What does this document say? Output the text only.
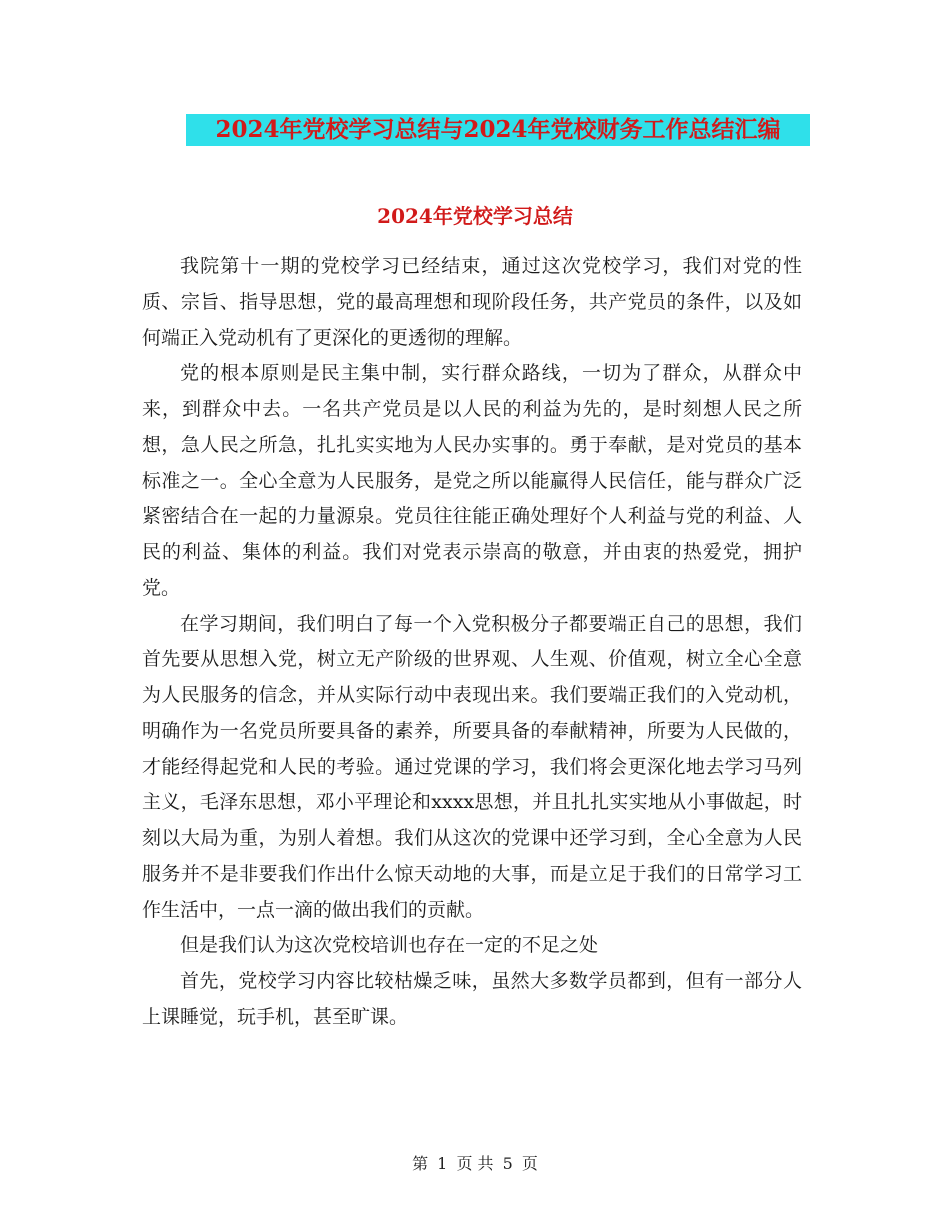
2024年党校学习总结与2024年党校财务工作总结汇编
2024年党校学习总结

我院第十一期的党校学习已经结束，通过这次党校学习，我们对党的性质、宗旨、指导思想，党的最高理想和现阶段任务，共产党员的条件，以及如何端正入党动机有了更深化的更透彻的理解。

党的根本原则是民主集中制，实行群众路线，一切为了群众，从群众中来，到群众中去。一名共产党员是以人民的利益为先的，是时刻想人民之所想，急人民之所急，扎扎实实地为人民办实事的。勇于奉献，是对党员的基本标准之一。全心全意为人民服务，是党之所以能赢得人民信任，能与群众广泛紧密结合在一起的力量源泉。党员往往能正确处理好个人利益与党的利益、人民的利益、集体的利益。我们对党表示崇高的敬意，并由衷的热爱党，拥护党。

在学习期间，我们明白了每一个入党积极分子都要端正自己的思想，我们首先要从思想入党，树立无产阶级的世界观、人生观、价值观，树立全心全意为人民服务的信念，并从实际行动中表现出来。我们要端正我们的入党动机，明确作为一名党员所要具备的素养，所要具备的奉献精神，所要为人民做的，才能经得起党和人民的考验。通过党课的学习，我们将会更深化地去学习马列主义，毛泽东思想，邓小平理论和xxxx思想，并且扎扎实实地从小事做起，时刻以大局为重，为别人着想。我们从这次的党课中还学习到，全心全意为人民服务并不是非要我们作出什么惊天动地的大事，而是立足于我们的日常学习工作生活中，一点一滴的做出我们的贡献。

但是我们认为这次党校培训也存在一定的不足之处

首先，党校学习内容比较枯燥乏味，虽然大多数学员都到，但有一部分人上课睡觉，玩手机，甚至旷课。

第 1 页 共 5 页
